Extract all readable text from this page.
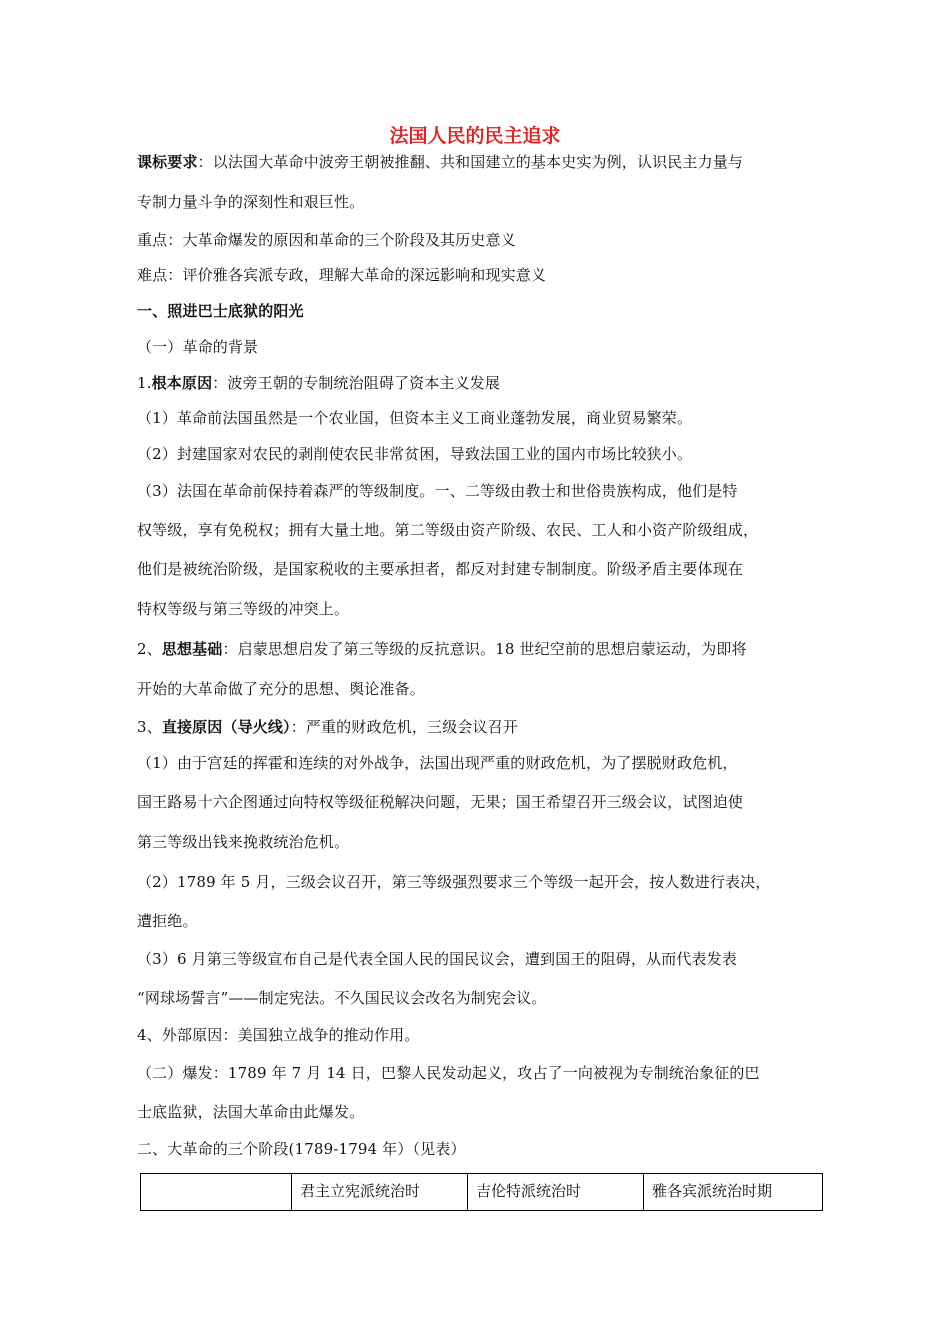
法国人民的民主追求
课标要求：以法国大革命中波旁王朝被推翻、共和国建立的基本史实为例，认识民主力量与
专制力量斗争的深刻性和艰巨性。
重点：大革命爆发的原因和革命的三个阶段及其历史意义
难点：评价雅各宾派专政，理解大革命的深远影响和现实意义
一、照进巴士底狱的阳光
（一）革命的背景
1.根本原因：波旁王朝的专制统治阻碍了资本主义发展
（1）革命前法国虽然是一个农业国，但资本主义工商业蓬勃发展，商业贸易繁荣。
（2）封建国家对农民的剥削使农民非常贫困，导致法国工业的国内市场比较狭小。
（3）法国在革命前保持着森严的等级制度。一、二等级由教士和世俗贵族构成，他们是特
权等级，享有免税权；拥有大量土地。第二等级由资产阶级、农民、工人和小资产阶级组成，
他们是被统治阶级，是国家税收的主要承担者，都反对封建专制制度。阶级矛盾主要体现在
特权等级与第三等级的冲突上。
2、思想基础：启蒙思想启发了第三等级的反抗意识。18 世纪空前的思想启蒙运动，为即将
开始的大革命做了充分的思想、舆论准备。
3、直接原因（导火线）：严重的财政危机，三级会议召开
（1）由于宫廷的挥霍和连续的对外战争，法国出现严重的财政危机，为了摆脱财政危机，
国王路易十六企图通过向特权等级征税解决问题，无果；国王希望召开三级会议，试图迫使
第三等级出钱来挽救统治危机。
（2）1789 年 5 月，三级会议召开，第三等级强烈要求三个等级一起开会，按人数进行表决，
遭拒绝。
（3）6 月第三等级宣布自己是代表全国人民的国民议会，遭到国王的阻碍，从而代表发表
“网球场誓言”——制定宪法。不久国民议会改名为制宪会议。
4、外部原因：美国独立战争的推动作用。
（二）爆发：1789 年 7 月 14 日，巴黎人民发动起义，攻占了一向被视为专制统治象征的巴
士底监狱，法国大革命由此爆发。
二、大革命的三个阶段(1789-1794 年）（见表）
	君主立宪派统治时	吉伦特派统治时	雅各宾派统治时期
